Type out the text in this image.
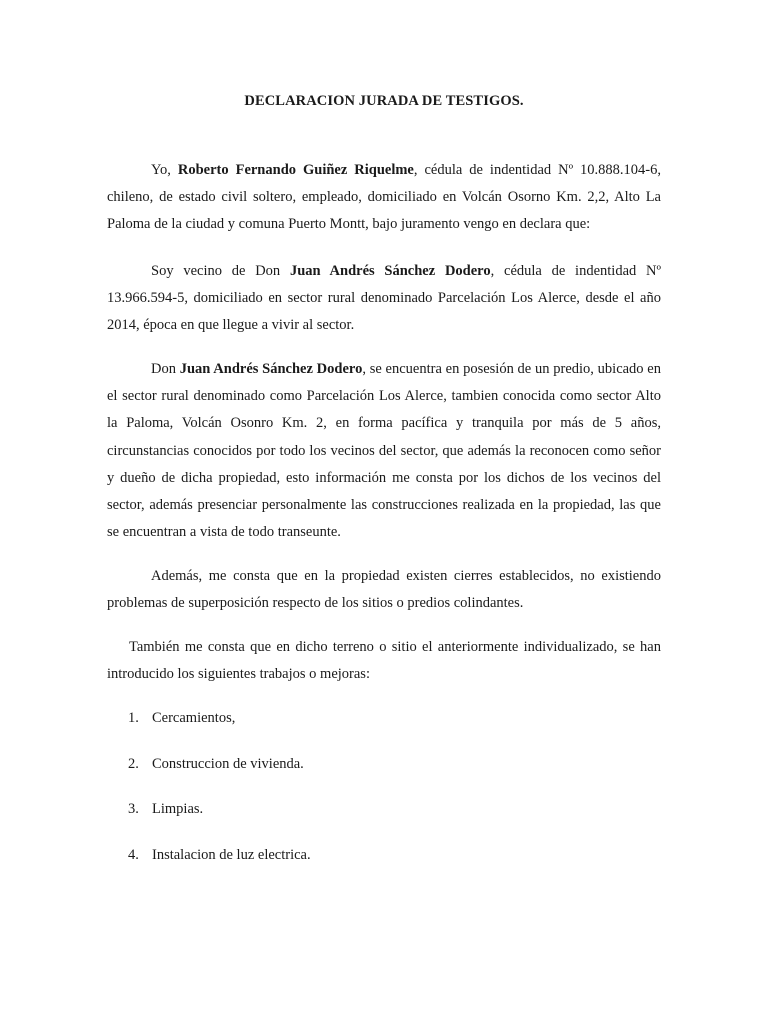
DECLARACION JURADA DE TESTIGOS.

Yo, Roberto Fernando Guiñez Riquelme, cédula de indentidad Nº 10.888.104-6, chileno, de estado civil soltero, empleado, domiciliado en Volcán Osorno Km. 2,2, Alto La Paloma de la ciudad y comuna Puerto Montt, bajo juramento vengo en declara que:

Soy vecino de Don Juan Andrés Sánchez Dodero, cédula de indentidad Nº 13.966.594-5, domiciliado en sector rural denominado Parcelación Los Alerce, desde el año 2014, época en que llegue a vivir al sector.

Don Juan Andrés Sánchez Dodero, se encuentra en posesión de un predio, ubicado en el sector rural denominado como Parcelación Los Alerce, tambien conocida como sector Alto la Paloma, Volcán Osonro Km. 2, en forma pacífica y tranquila por más de 5 años, circunstancias conocidos por todo los vecinos del sector, que además la reconocen como señor y dueño de dicha propiedad, esto información me consta por los dichos de los vecinos del sector, además presenciar personalmente las construcciones realizada en la propiedad, las que se encuentran a vista de todo transeunte.

Además, me consta que en la propiedad existen cierres establecidos, no existiendo problemas de superposición respecto de los sitios o predios colindantes.

También me consta que en dicho terreno o sitio el anteriormente individualizado, se han introducido los siguientes trabajos o mejoras:

1. Cercamientos,
2. Construccion de vivienda.
3. Limpias.
4. Instalacion de luz electrica.
